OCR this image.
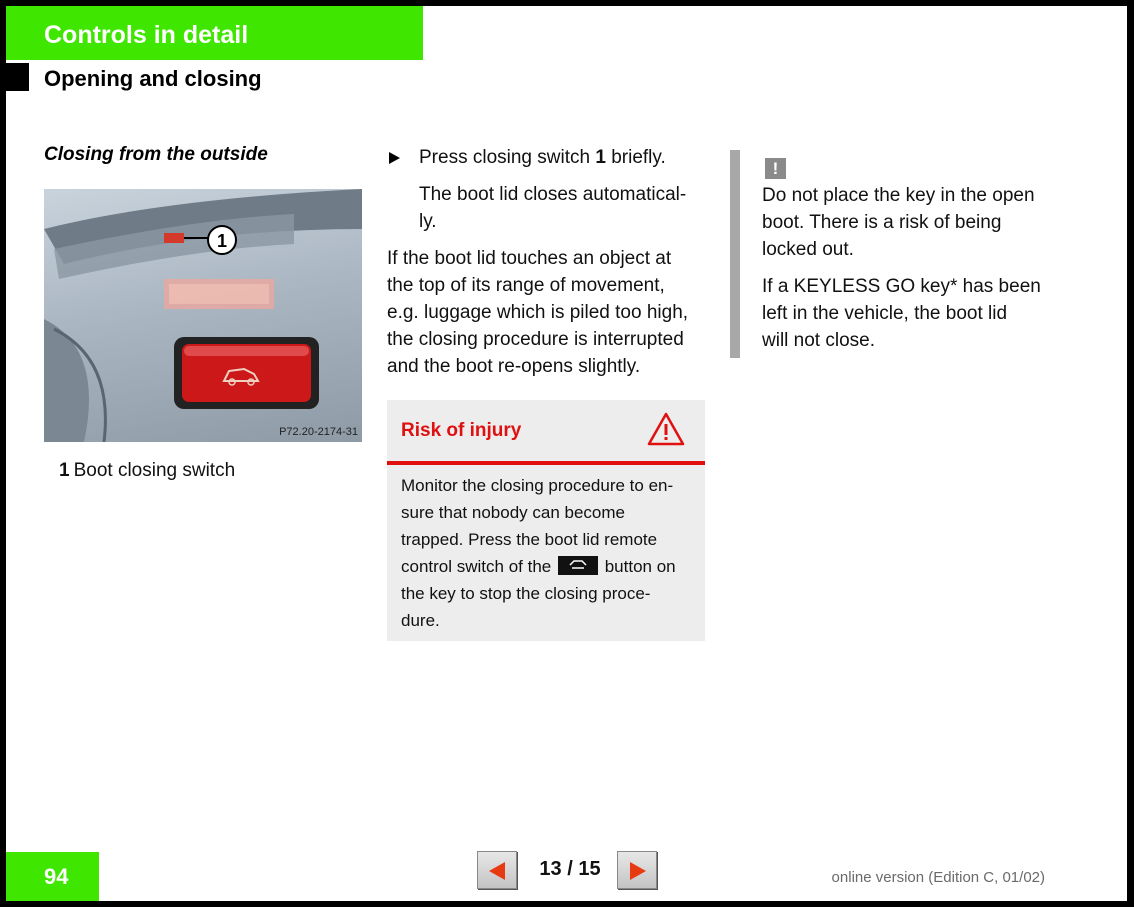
Controls in detail
Opening and closing
Closing from the outside
1
P72.20-2174-31
1 Boot closing switch
Press closing switch 1 briefly.
The boot lid closes automatical-
ly.
If the boot lid touches an object at
the top of its range of movement,
e.g. luggage which is piled too high,
the closing procedure is interrupted
and the boot re-opens slightly.
Risk of injury
Monitor the closing procedure to en-
sure that nobody can become
trapped. Press the boot lid remote
control switch of the	button on
the key to stop the closing proce-
dure.
!

Do not place the key in the open
boot. There is a risk of being
locked out.

If a KEYLESS GO key* has been
left in the vehicle, the boot lid
will not close.

94	13 / 15	online version (Edition C, 01/02)
